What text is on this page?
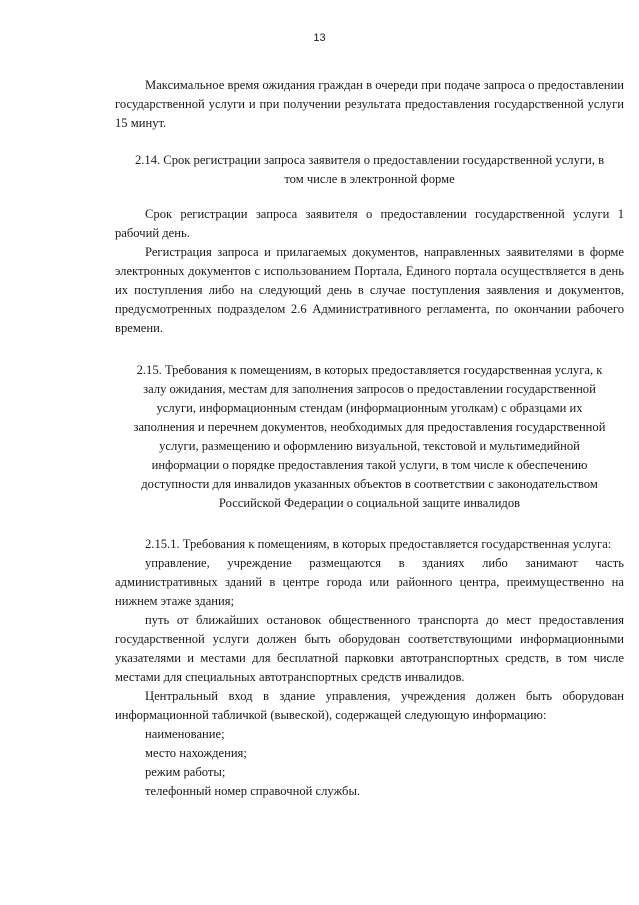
13

Максимальное время ожидания граждан в очереди при подаче запроса о предоставлении государственной услуги и при получении результата предоставления государственной услуги 15 минут.

2.14. Срок регистрации запроса заявителя о предоставлении государственной услуги, в том числе в электронной форме

Срок регистрации запроса заявителя о предоставлении государственной услуги 1 рабочий день.

Регистрация запроса и прилагаемых документов, направленных заявителями в форме электронных документов с использованием Портала, Единого портала осуществляется в день их поступления либо на следующий день в случае поступления заявления и документов, предусмотренных подразделом 2.6 Административного регламента, по окончании рабочего времени.

2.15. Требования к помещениям, в которых предоставляется государственная услуга, к залу ожидания, местам для заполнения запросов о предоставлении государственной услуги, информационным стендам (информационным уголкам) с образцами их заполнения и перечнем документов, необходимых для предоставления государственной услуги, размещению и оформлению визуальной, текстовой и мультимедийной информации о порядке предоставления такой услуги, в том числе к обеспечению доступности для инвалидов указанных объектов в соответствии с законодательством Российской Федерации о социальной защите инвалидов

2.15.1. Требования к помещениям, в которых предоставляется государственная услуга:

управление, учреждение размещаются в зданиях либо занимают часть административных зданий в центре города или районного центра, преимущественно на нижнем этаже здания;

путь от ближайших остановок общественного транспорта до мест предоставления государственной услуги должен быть оборудован соответствующими информационными указателями и местами для бесплатной парковки автотранспортных средств, в том числе местами для специальных автотранспортных средств инвалидов.

Центральный вход в здание управления, учреждения должен быть оборудован информационной табличкой (вывеской), содержащей следующую информацию:

наименование;

место нахождения;

режим работы;

телефонный номер справочной службы.
